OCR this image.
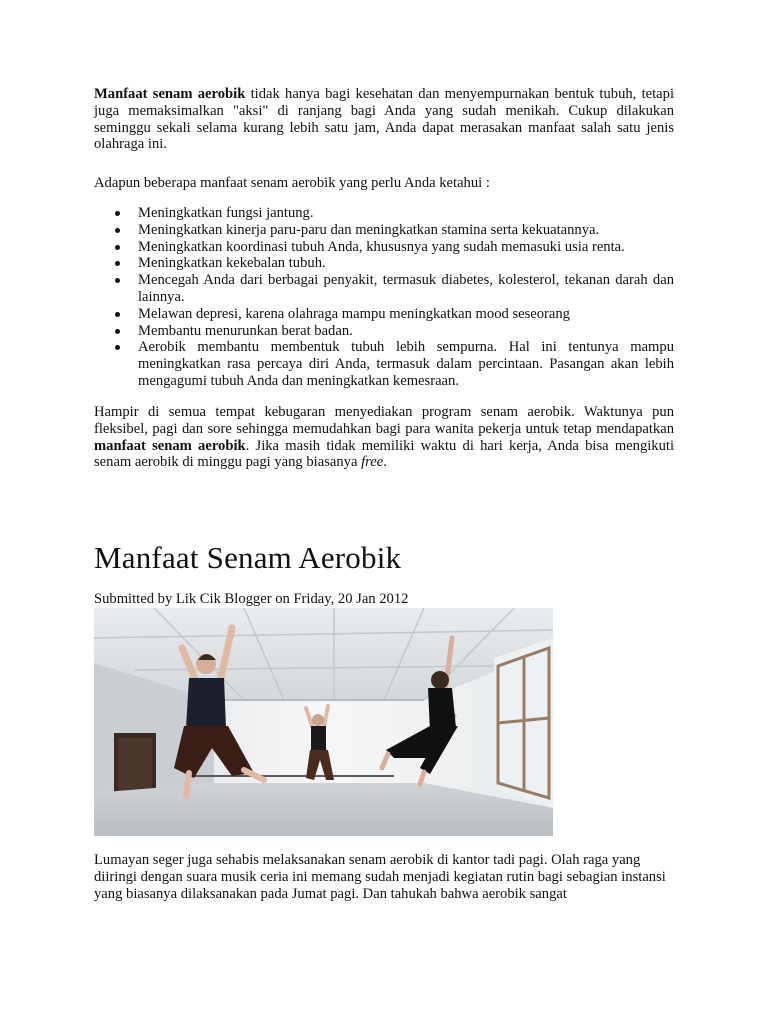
Manfaat senam aerobik tidak hanya bagi kesehatan dan menyempurnakan bentuk tubuh, tetapi juga memaksimalkan "aksi" di ranjang bagi Anda yang sudah menikah. Cukup dilakukan seminggu sekali selama kurang lebih satu jam, Anda dapat merasakan manfaat salah satu jenis olahraga ini.

Adapun beberapa manfaat senam aerobik yang perlu Anda ketahui :

Meningkatkan fungsi jantung.
Meningkatkan kinerja paru-paru dan meningkatkan stamina serta kekuatannya.
Meningkatkan koordinasi tubuh Anda, khususnya yang sudah memasuki usia renta.
Meningkatkan kekebalan tubuh.
Mencegah Anda dari berbagai penyakit, termasuk diabetes, kolesterol, tekanan darah dan lainnya.
Melawan depresi, karena olahraga mampu meningkatkan mood seseorang
Membantu menurunkan berat badan.
Aerobik membantu membentuk tubuh lebih sempurna. Hal ini tentunya mampu meningkatkan rasa percaya diri Anda, termasuk dalam percintaan. Pasangan akan lebih mengagumi tubuh Anda dan meningkatkan kemesraan.

Hampir di semua tempat kebugaran menyediakan program senam aerobik. Waktunya pun fleksibel, pagi dan sore sehingga memudahkan bagi para wanita pekerja untuk tetap mendapatkan manfaat senam aerobik. Jika masih tidak memiliki waktu di hari kerja, Anda bisa mengikuti senam aerobik di minggu pagi yang biasanya free.

Manfaat Senam Aerobik
Submitted by Lik Cik Blogger on Friday, 20 Jan 2012

Lumayan seger juga sehabis melaksanakan senam aerobik di kantor tadi pagi. Olah raga yang diiringi dengan suara musik ceria ini memang sudah menjadi kegiatan rutin bagi sebagian instansi yang biasanya dilaksanakan pada Jumat pagi. Dan tahukah bahwa aerobik sangat
